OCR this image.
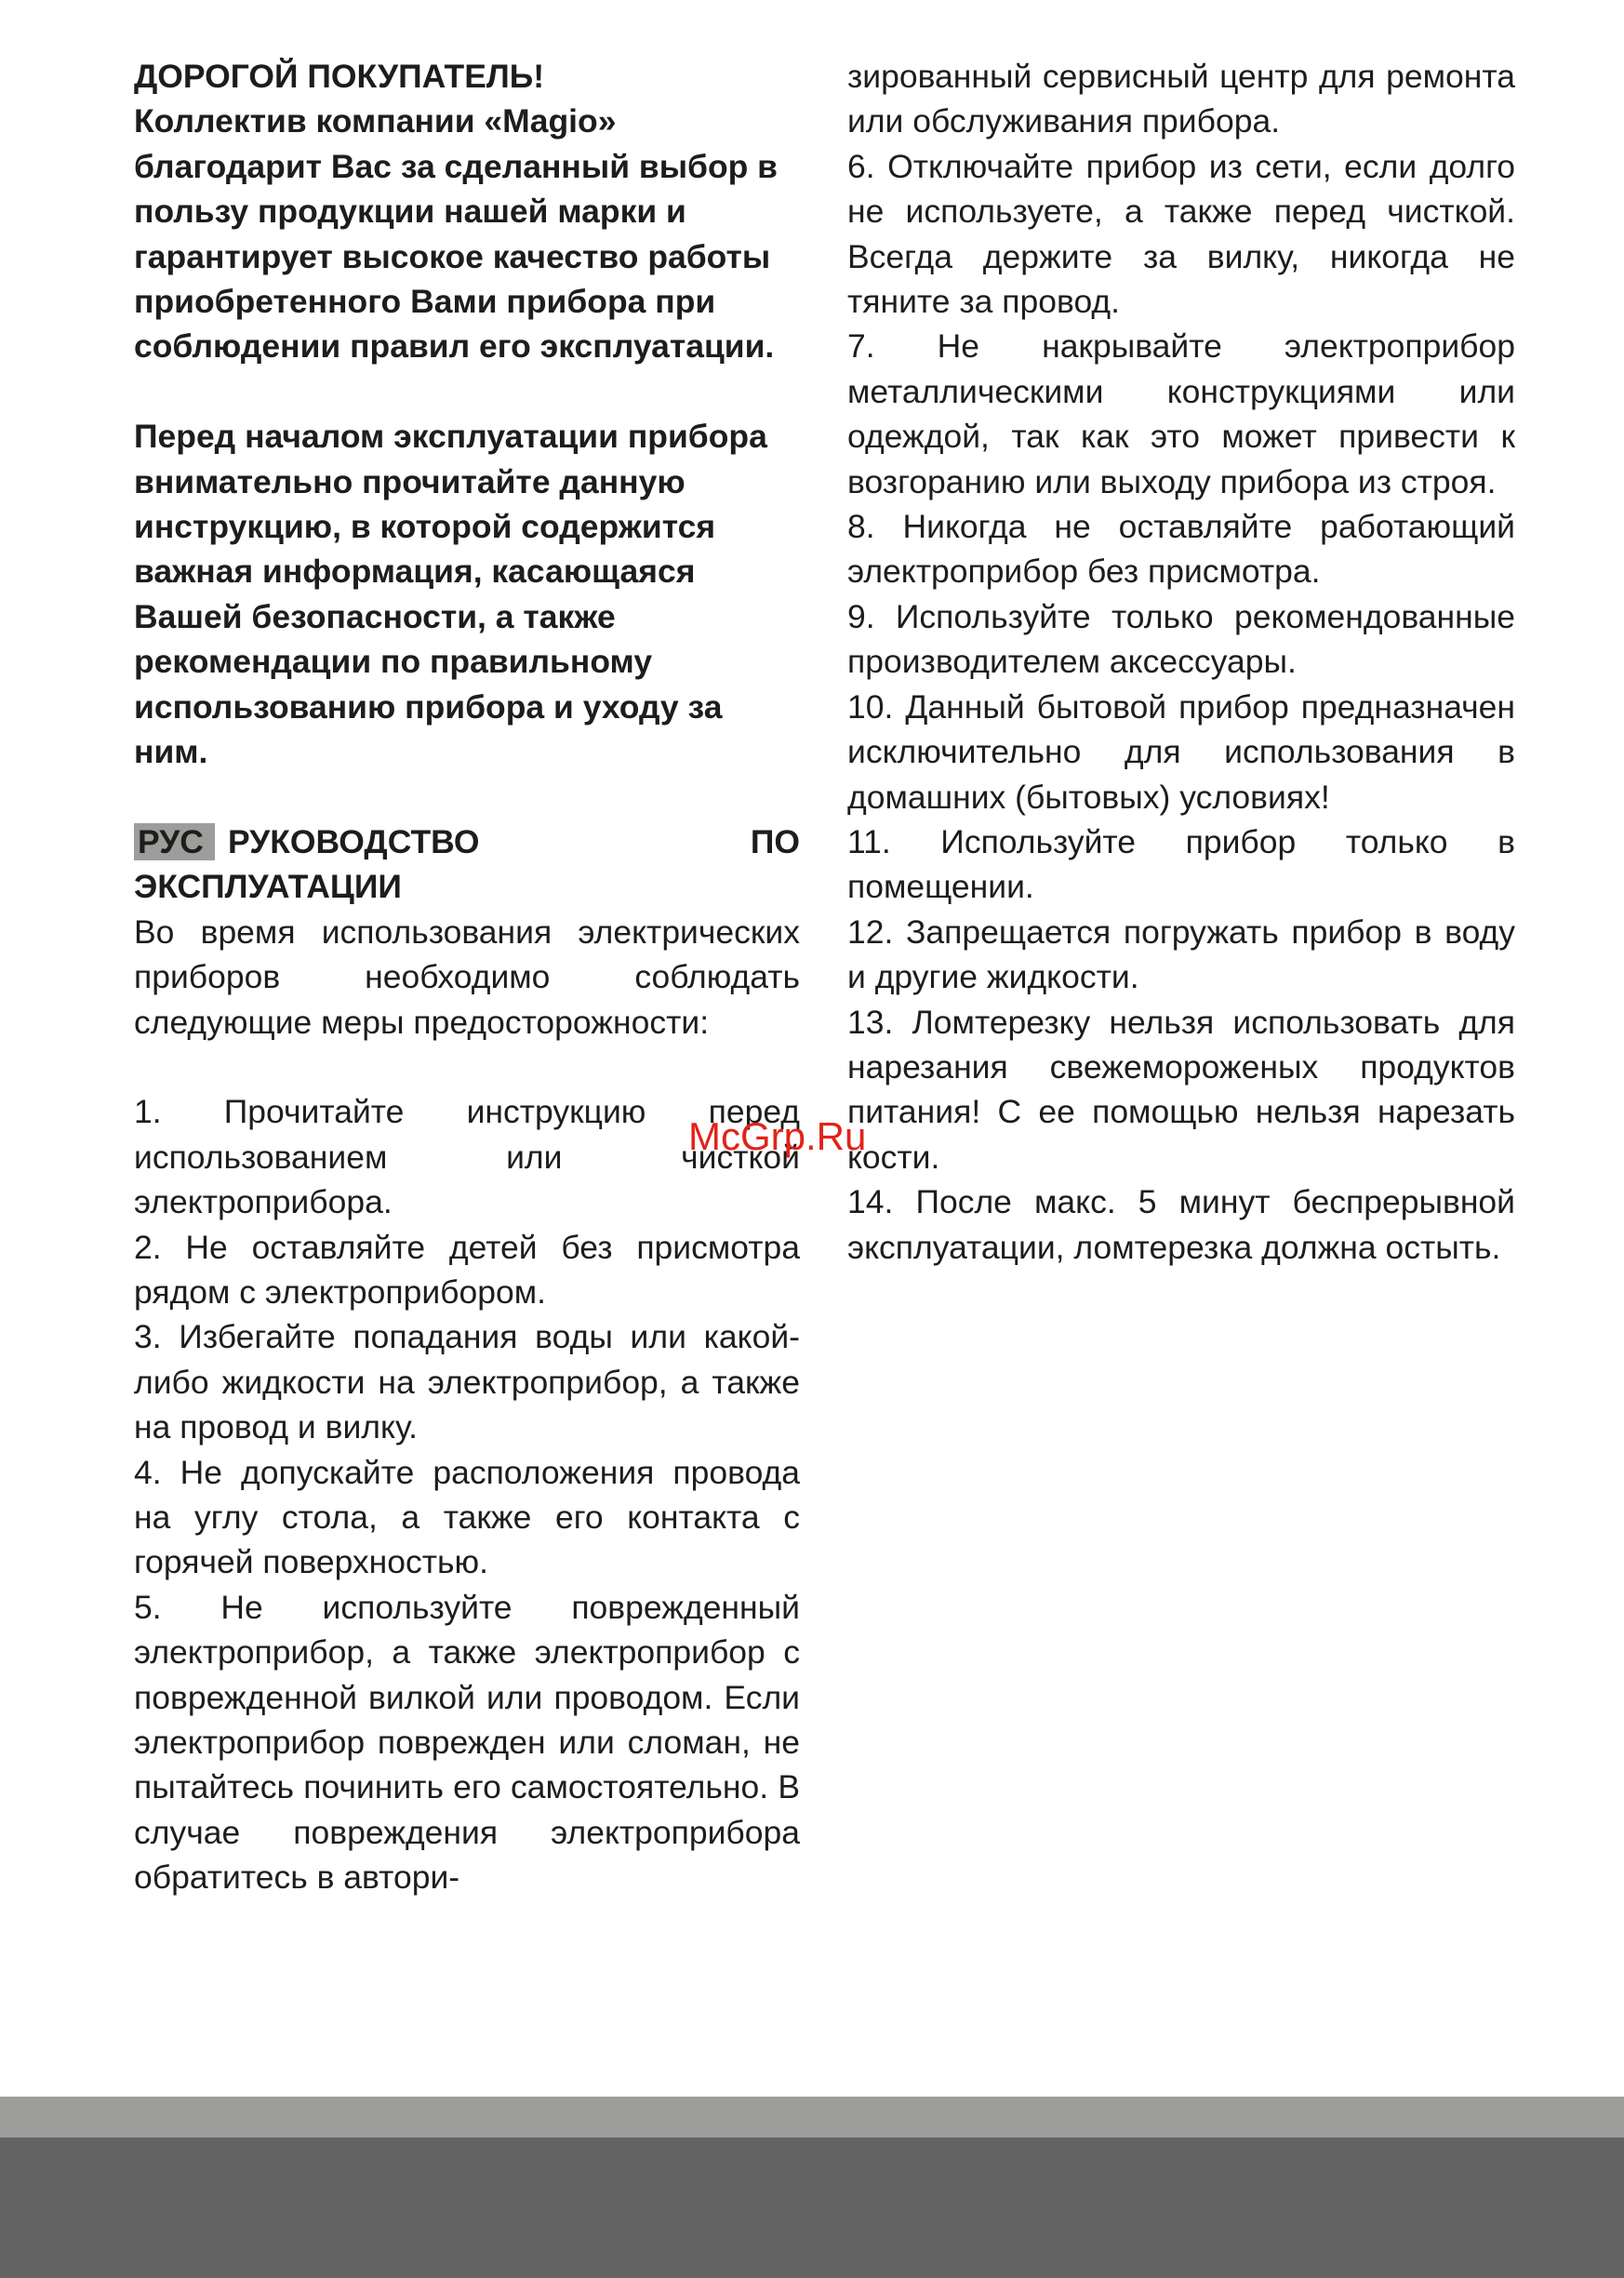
ДОРОГОЙ ПОКУПАТЕЛЬ!

Коллектив компании «Magio» благодарит Вас за сделанный выбор в пользу продукции нашей марки и гарантирует высокое качество работы приобретенного Вами прибора при соблюдении правил его эксплуатации.

Перед началом эксплуатации прибора внимательно прочитайте данную инструкцию, в которой содержится важная информация, касающаяся Вашей безопасности, а также рекомендации по правильному использованию прибора и уходу за ним.

РУС РУКОВОДСТВО ПО ЭКСПЛУАТАЦИИ

Во время использования электрических приборов необходимо соблюдать следующие меры предосторожности:

1. Прочитайте инструкцию перед использованием или чисткой электроприбора.

2. Не оставляйте детей без присмотра рядом с электроприбором.

3. Избегайте попадания воды или какой-либо жидкости на электроприбор, а также на провод и вилку.

4. Не допускайте расположения провода на углу стола, а также его контакта с горячей поверхностью.

5. Не используйте поврежденный электроприбор, а также электроприбор с поврежденной вилкой или проводом. Если электроприбор поврежден или сломан, не пытайтесь починить его самостоятельно. В случае повреждения электроприбора обратитесь в автори-

зированный сервисный центр для ремонта или обслуживания прибора.

6. Отключайте прибор из сети, если долго не используете, а также перед чисткой. Всегда держите за вилку, никогда не тяните за провод.

7. Не накрывайте электроприбор металлическими конструкциями или одеждой, так как это может привести к возгоранию или выходу прибора из строя.

8. Никогда не оставляйте работающий электроприбор без присмотра.

9. Используйте только рекомендованные производителем аксессуары.

10. Данный бытовой прибор предназначен исключительно для использования в домашних (бытовых) условиях!

11. Используйте прибор только в помещении.

12. Запрещается погружать прибор в воду и другие жидкости.

13. Ломтерезку нельзя использовать для нарезания свежемороженых продуктов питания! С ее помощью нельзя нарезать кости.

14. После макс. 5 минут беспрерывной эксплуатации, ломтерезка должна остыть.

McGrp.Ru
